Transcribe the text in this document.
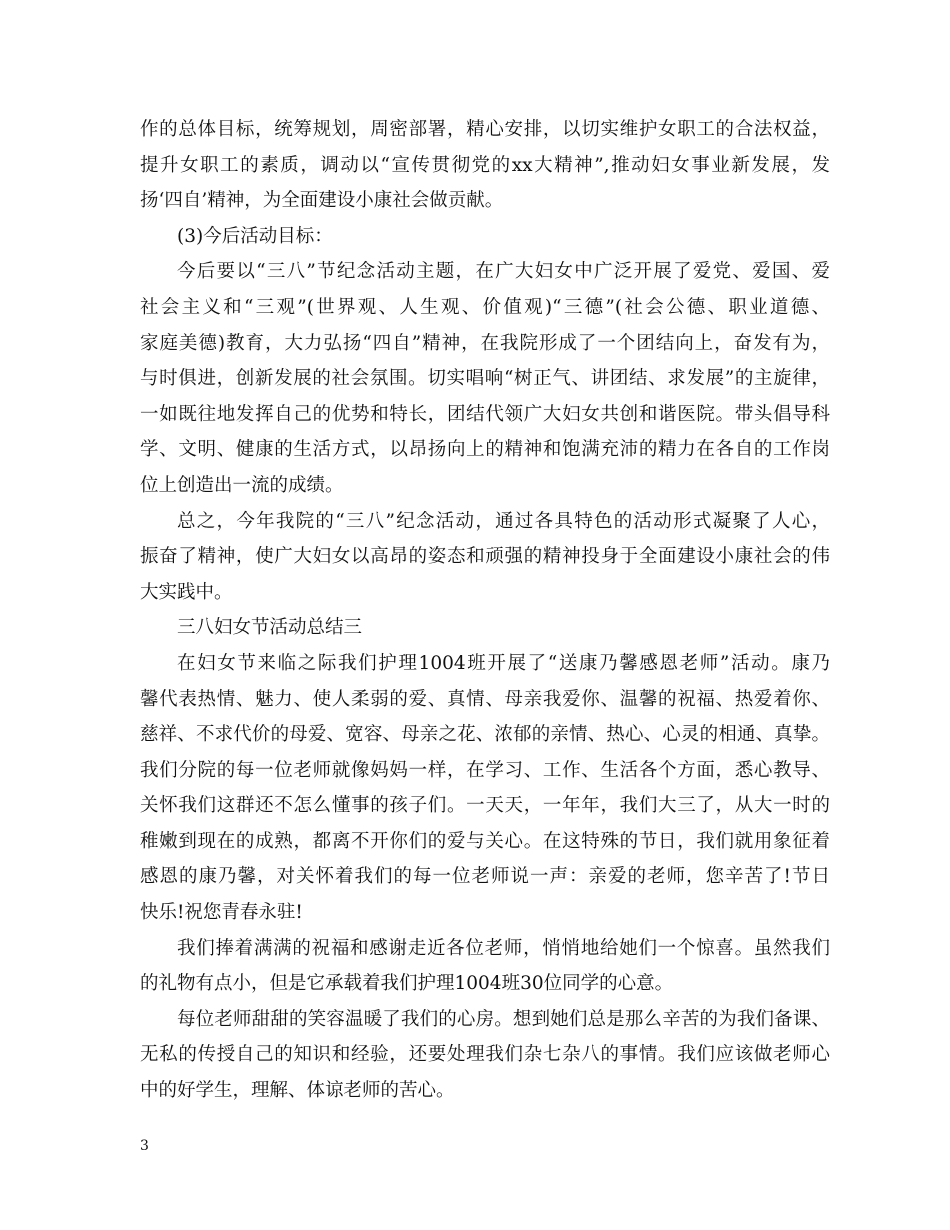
作的总体目标，统筹规划，周密部署，精心安排，以切实维护女职工的合法权益，
提升女职工的素质，调动以“宣传贯彻党的xx大精神”,推动妇女事业新发展，发
扬‘四自’精神，为全面建设小康社会做贡献。
(3)今后活动目标：
今后要以“三八”节纪念活动主题，在广大妇女中广泛开展了爱党、爱国、爱
社会主义和“三观”(世界观、人生观、价值观)“三德”(社会公德、职业道德、
家庭美德)教育，大力弘扬“四自”精神，在我院形成了一个团结向上，奋发有为，
与时俱进，创新发展的社会氛围。切实唱响“树正气、讲团结、求发展”的主旋律，
一如既往地发挥自己的优势和特长，团结代领广大妇女共创和谐医院。带头倡导科
学、文明、健康的生活方式，以昂扬向上的精神和饱满充沛的精力在各自的工作岗
位上创造出一流的成绩。
总之，今年我院的“三八”纪念活动，通过各具特色的活动形式凝聚了人心，
振奋了精神，使广大妇女以高昂的姿态和顽强的精神投身于全面建设小康社会的伟
大实践中。
三八妇女节活动总结三
在妇女节来临之际我们护理1004班开展了“送康乃馨感恩老师”活动。康乃
馨代表热情、魅力、使人柔弱的爱、真情、母亲我爱你、温馨的祝福、热爱着你、
慈祥、不求代价的母爱、宽容、母亲之花、浓郁的亲情、热心、心灵的相通、真挚。
我们分院的每一位老师就像妈妈一样，在学习、工作、生活各个方面，悉心教导、
关怀我们这群还不怎么懂事的孩子们。一天天，一年年，我们大三了，从大一时的
稚嫩到现在的成熟，都离不开你们的爱与关心。在这特殊的节日，我们就用象征着
感恩的康乃馨，对关怀着我们的每一位老师说一声：亲爱的老师，您辛苦了!节日
快乐!祝您青春永驻!
我们捧着满满的祝福和感谢走近各位老师，悄悄地给她们一个惊喜。虽然我们
的礼物有点小，但是它承载着我们护理1004班30位同学的心意。
每位老师甜甜的笑容温暖了我们的心房。想到她们总是那么辛苦的为我们备课、
无私的传授自己的知识和经验，还要处理我们杂七杂八的事情。我们应该做老师心
中的好学生，理解、体谅老师的苦心。
3
